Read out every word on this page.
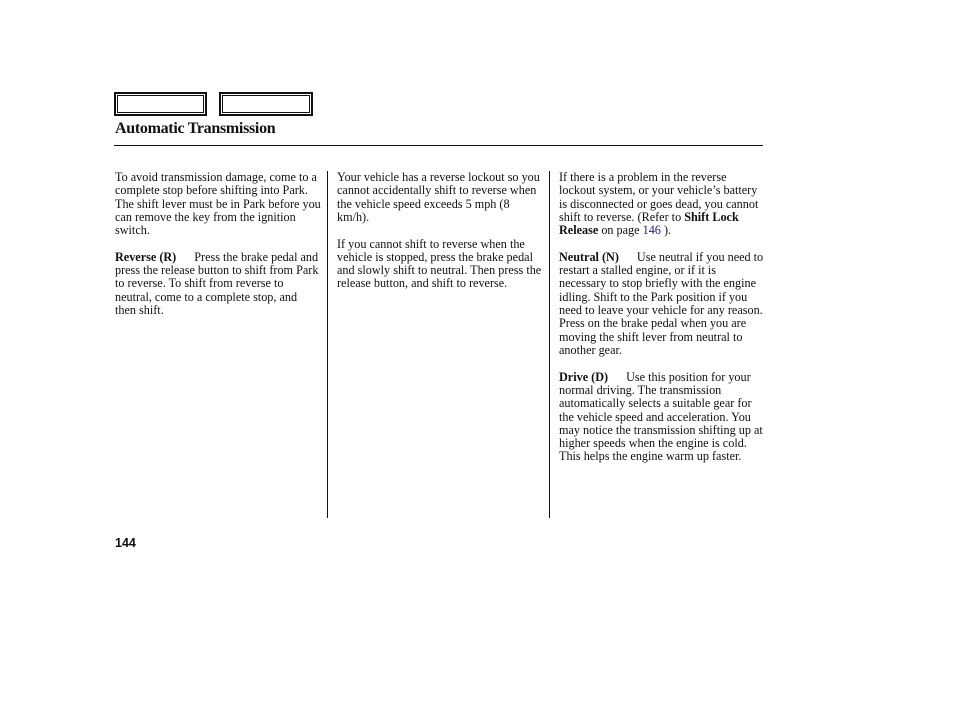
Automatic Transmission

To avoid transmission damage, come to a complete stop before shifting into Park. The shift lever must be in Park before you can remove the key from the ignition switch.

Reverse (R) Press the brake pedal and press the release button to shift from Park to reverse. To shift from reverse to neutral, come to a complete stop, and then shift.

Your vehicle has a reverse lockout so you cannot accidentally shift to reverse when the vehicle speed exceeds 5 mph (8 km/h).

If you cannot shift to reverse when the vehicle is stopped, press the brake pedal and slowly shift to neutral. Then press the release button, and shift to reverse.

If there is a problem in the reverse lockout system, or your vehicle’s battery is disconnected or goes dead, you cannot shift to reverse. (Refer to Shift Lock Release on page 146 ).

Neutral (N) Use neutral if you need to restart a stalled engine, or if it is necessary to stop briefly with the engine idling. Shift to the Park position if you need to leave your vehicle for any reason. Press on the brake pedal when you are moving the shift lever from neutral to another gear.

Drive (D) Use this position for your normal driving. The transmission automatically selects a suitable gear for the vehicle speed and acceleration. You may notice the transmission shifting up at higher speeds when the engine is cold. This helps the engine warm up faster.

144
